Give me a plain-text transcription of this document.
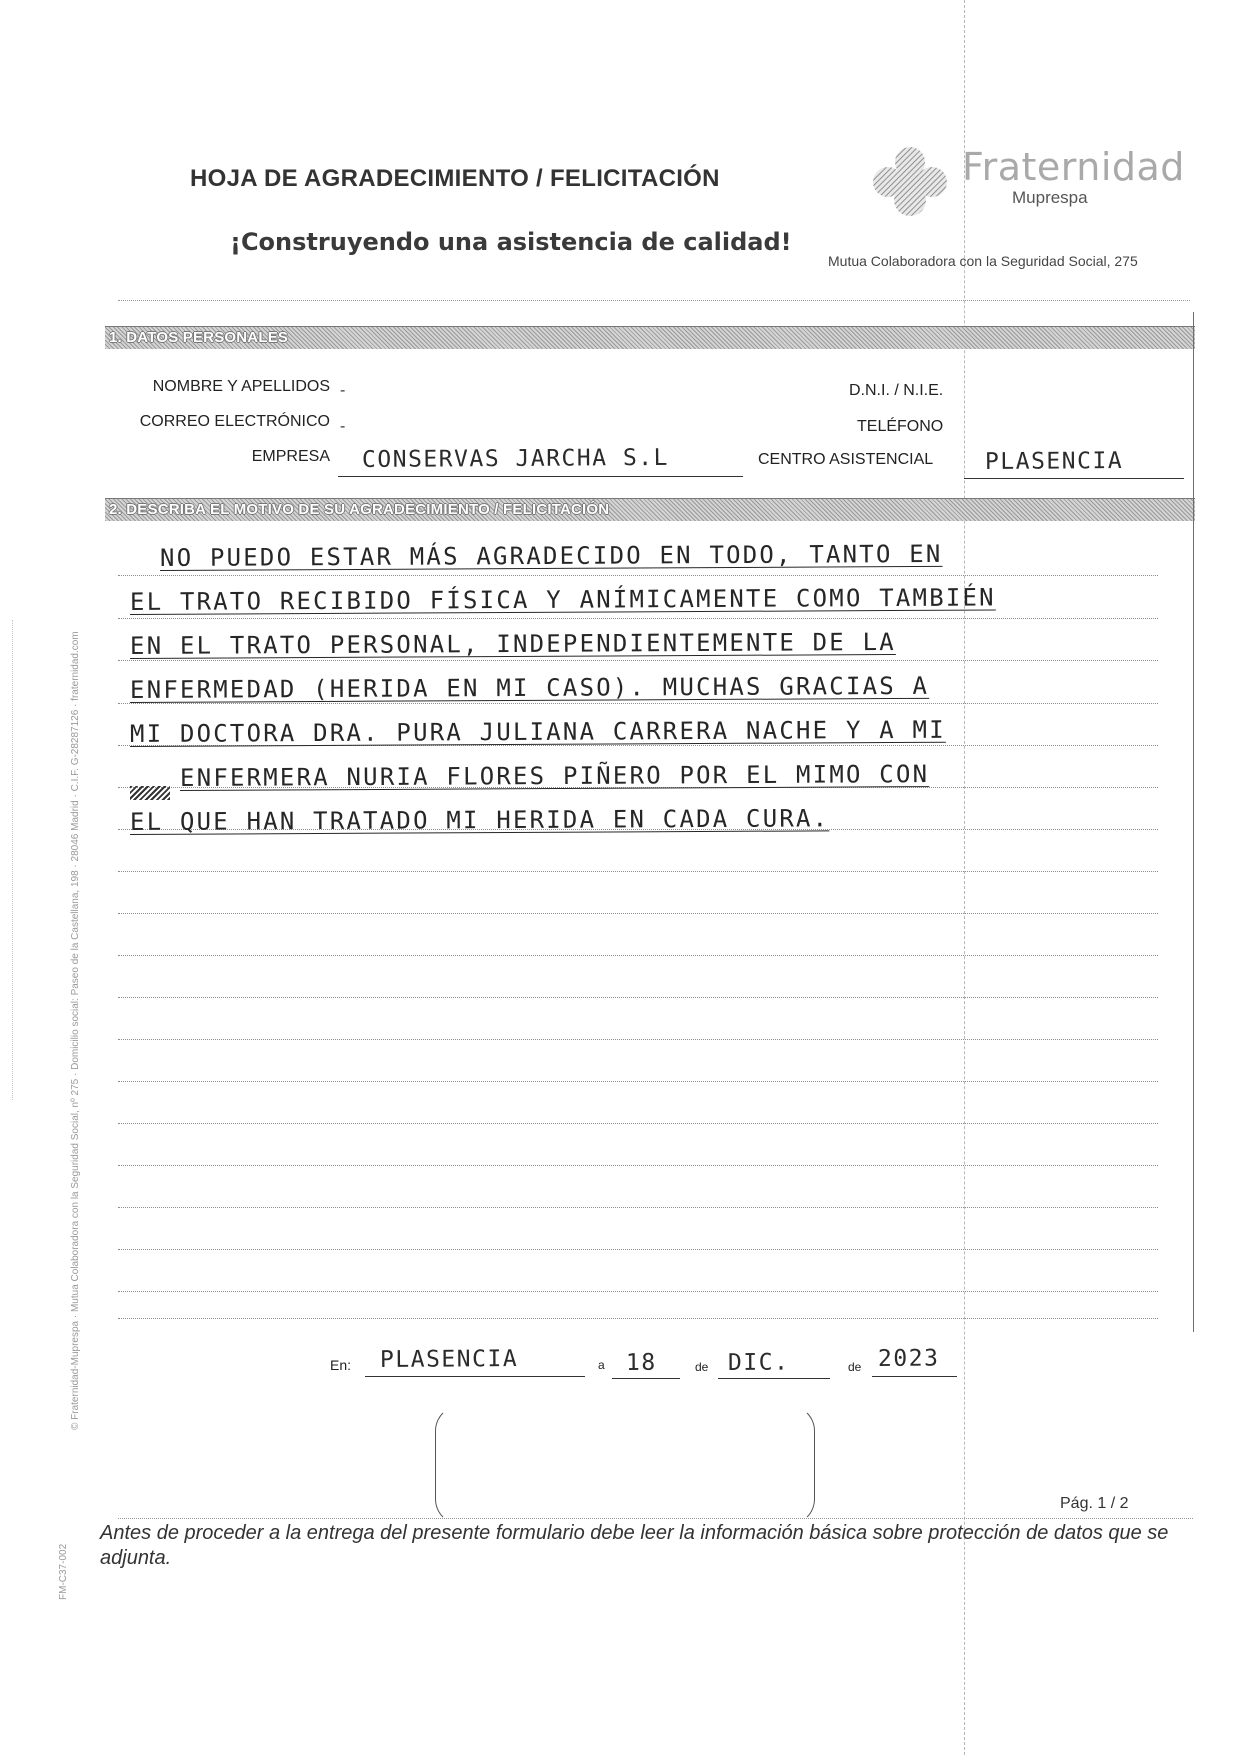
HOJA DE AGRADECIMIENTO / FELICITACIÓN
¡Construyendo una asistencia de calidad!
Fraternidad
Muprespa
Mutua Colaboradora con la Seguridad Social, 275
1. DATOS PERSONALES
NOMBRE Y APELLIDOS -	D.N.I. / N.I.E.
CORREO ELECTRÓNICO -	TELÉFONO
EMPRESA CONSERVAS JARCHA S.L	CENTRO ASISTENCIAL PLASENCIA
2. DESCRIBA EL MOTIVO DE SU AGRADECIMIENTO / FELICITACIÓN
NO PUEDO ESTAR MÁS AGRADECIDO EN TODO, TANTO EN
EL TRATO RECIBIDO FÍSICA Y ANÍMICAMENTE COMO TAMBIÉN
EN EL TRATO PERSONAL, INDEPENDIENTEMENTE DE LA
ENFERMEDAD (HERIDA EN MI CASO). MUCHAS GRACIAS A
MI DOCTORA DRA. PURA JULIANA CARRERA NACHE Y A MI
ENFERMERA NURIA FLORES PIÑERO POR EL MIMO CON
EL QUE HAN TRATADO MI HERIDA EN CADA CURA.
En: PLASENCIA	a 18	de DIC.	de 2023
Pág. 1 / 2
Antes de proceder a la entrega del presente formulario debe leer la información básica sobre protección de datos que se adjunta.
© Fraternidad-Muprespa · Mutua Colaboradora con la Seguridad Social, nº 275 · Domicilio social: Paseo de la Castellana, 198 · 28046 Madrid · C.I.F. G-28287126 · fraternidad.com
FM-C37-002
